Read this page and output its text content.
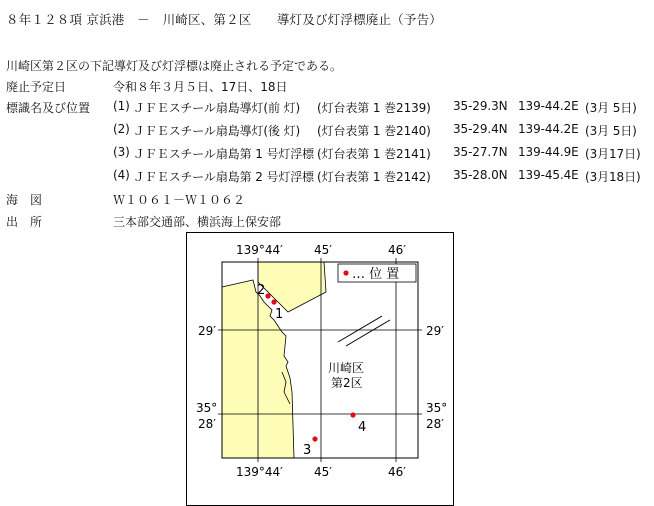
８年１２８項 京浜港　－　川崎区、第２区　　導灯及び灯浮標廃止（予告）
川崎区第２区の下記導灯及び灯浮標は廃止される予定である。
廃止予定日	令和８年３月５日、17日、18日
標識名及び位置 (1) ＪＦＥスチール扇島導灯(前 灯) (灯台表第 1 巻2139) 35-29.3N 139-44.2E (3月 5日)
(2) ＪＦＥスチール扇島導灯(後 灯) (灯台表第 1 巻2140) 35-29.4N 139-44.2E (3月 5日)
(3) ＪＦＥスチール扇島第 1 号灯浮標 (灯台表第 1 巻2141) 35-27.7N 139-44.9E (3月17日)
(4) ＪＦＥスチール扇島第 2 号灯浮標 (灯台表第 1 巻2142) 35-28.0N 139-45.4E (3月18日)
海　図	Ｗ１０６１－Ｗ１０６２
出　所	三本部交通部、横浜海上保安部
… 位 置
2
1
3
4
川崎区
第2区
139°44′	45′	46′
139°44′	45′	46′
29′	29′
35°
28′
35°
28′
